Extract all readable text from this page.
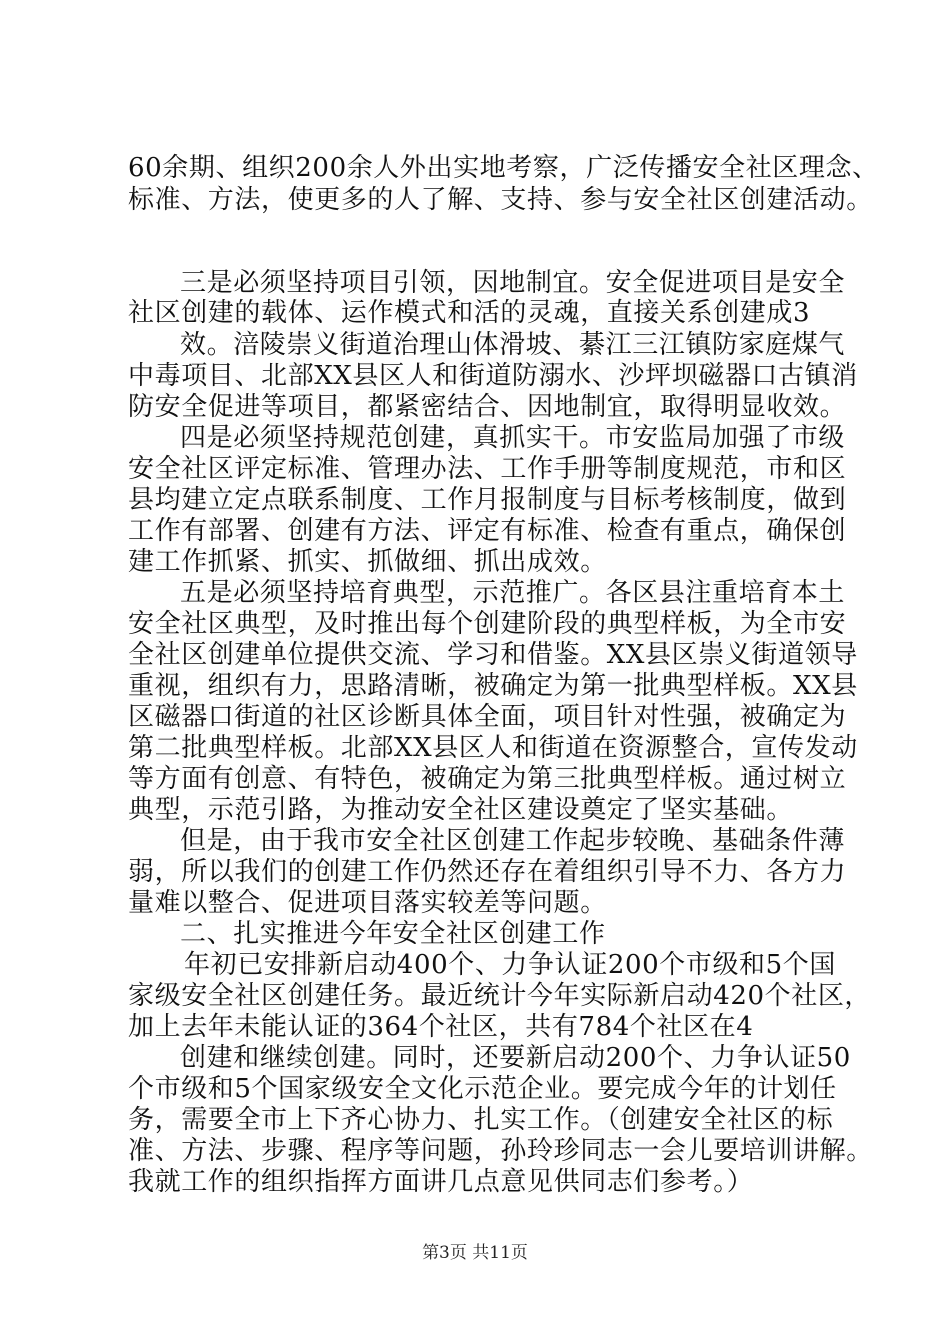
60余期、组织200余人外出实地考察，广泛传播安全社区理念、
标准、方法，使更多的人了解、支持、参与安全社区创建活动。
三是必须坚持项目引领，因地制宜。安全促进项目是安全
社区创建的载体、运作模式和活的灵魂，直接关系创建成3
效。涪陵崇义街道治理山体滑坡、綦江三江镇防家庭煤气
中毒项目、北部XX县区人和街道防溺水、沙坪坝磁器口古镇消
防安全促进等项目，都紧密结合、因地制宜，取得明显收效。
四是必须坚持规范创建，真抓实干。市安监局加强了市级
安全社区评定标准、管理办法、工作手册等制度规范，市和区
县均建立定点联系制度、工作月报制度与目标考核制度，做到
工作有部署、创建有方法、评定有标准、检查有重点，确保创
建工作抓紧、抓实、抓做细、抓出成效。
五是必须坚持培育典型，示范推广。各区县注重培育本土
安全社区典型，及时推出每个创建阶段的典型样板，为全市安
全社区创建单位提供交流、学习和借鉴。XX县区崇义街道领导
重视，组织有力，思路清晰，被确定为第一批典型样板。XX县
区磁器口街道的社区诊断具体全面，项目针对性强，被确定为
第二批典型样板。北部XX县区人和街道在资源整合，宣传发动
等方面有创意、有特色，被确定为第三批典型样板。通过树立
典型，示范引路，为推动安全社区建设奠定了坚实基础。
但是，由于我市安全社区创建工作起步较晚、基础条件薄
弱，所以我们的创建工作仍然还存在着组织引导不力、各方力
量难以整合、促进项目落实较差等问题。
二、扎实推进今年安全社区创建工作
年初已安排新启动400个、力争认证200个市级和5个国
家级安全社区创建任务。最近统计今年实际新启动420个社区，
加上去年未能认证的364个社区，共有784个社区在4
创建和继续创建。同时，还要新启动200个、力争认证50
个市级和5个国家级安全文化示范企业。要完成今年的计划任
务，需要全市上下齐心协力、扎实工作。（创建安全社区的标
准、方法、步骤、程序等问题，孙玲珍同志一会儿要培训讲解。
我就工作的组织指挥方面讲几点意见供同志们参考。）
第3页 共11页
